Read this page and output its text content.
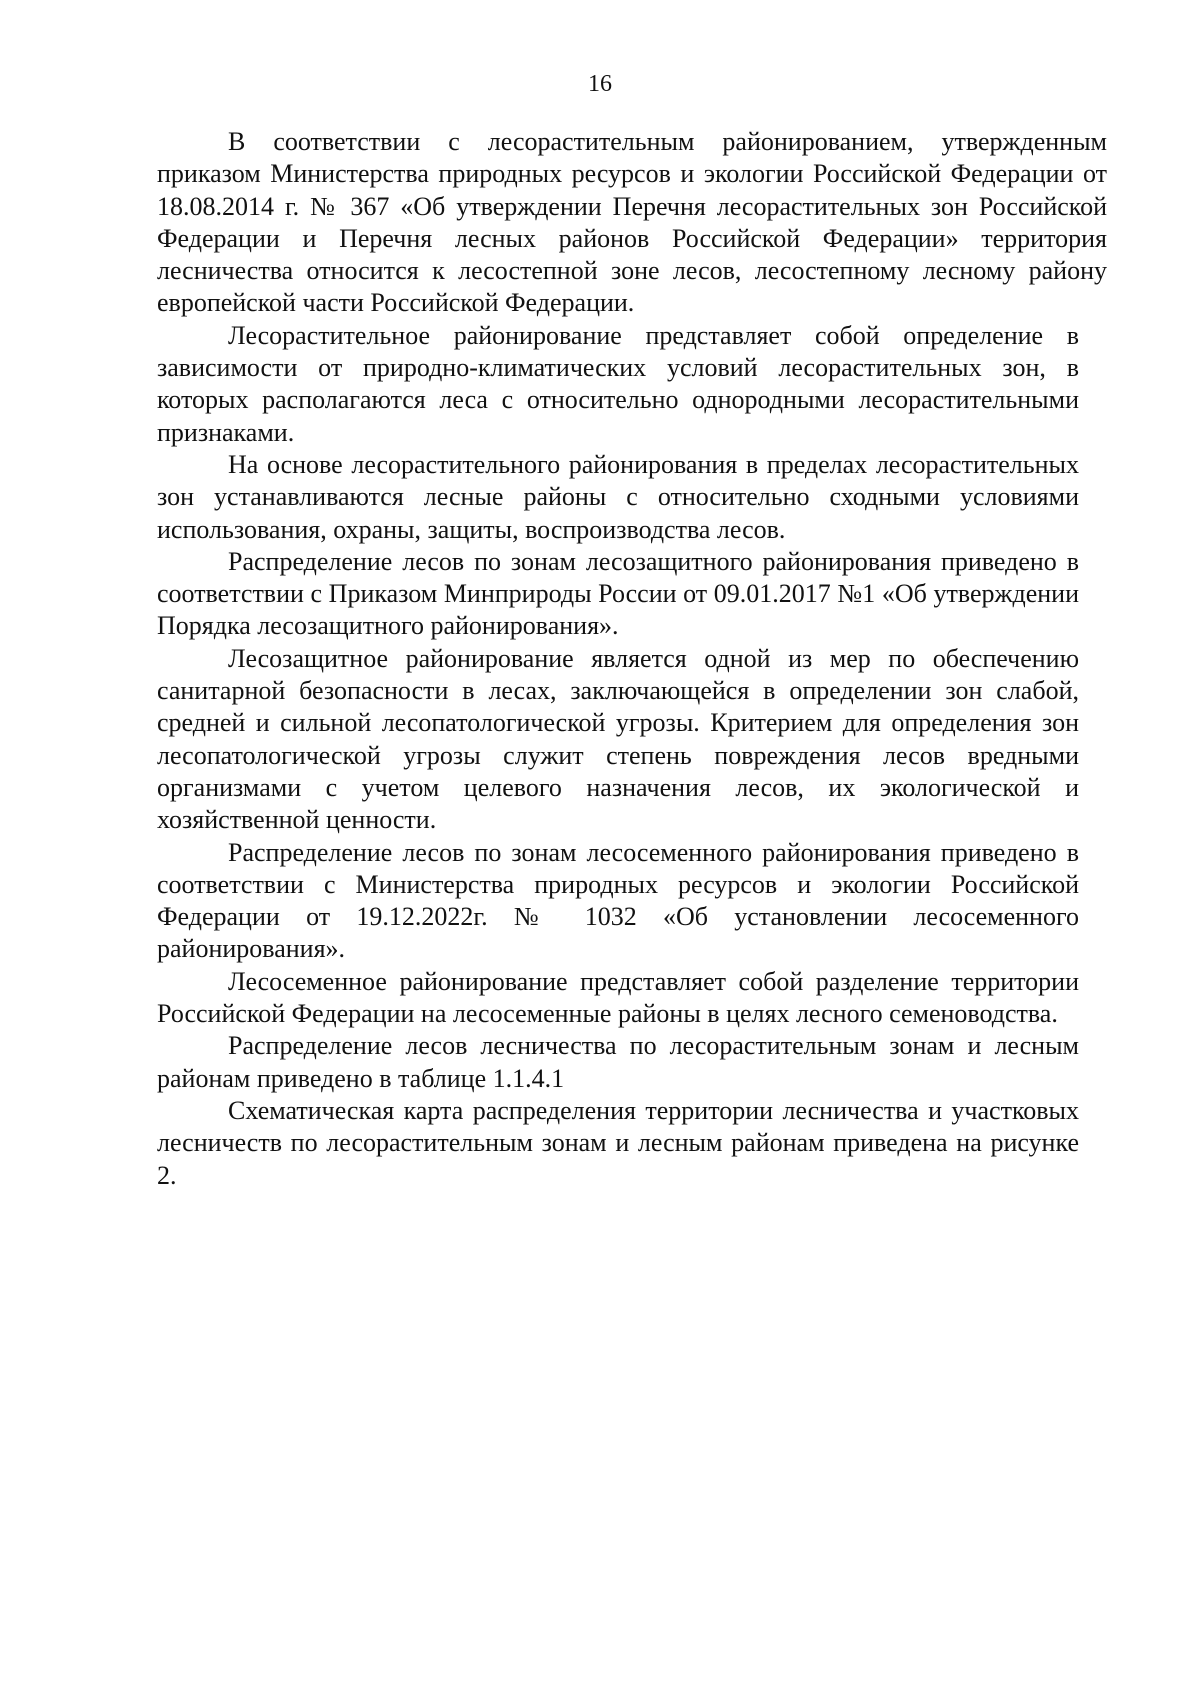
16

В соответствии с лесорастительным районированием, утвержденным приказом Министерства природных ресурсов и экологии Российской Федерации от 18.08.2014 г. № 367 «Об утверждении Перечня лесорастительных зон Российской Федерации и Перечня лесных районов Российской Федерации» территория лесничества относится к лесостепной зоне лесов, лесостепному лесному району европейской части Российской Федерации.

Лесорастительное районирование представляет собой определение в зависимости от природно-климатических условий лесорастительных зон, в которых располагаются леса с относительно однородными лесорастительными признаками.

На основе лесорастительного районирования в пределах лесорастительных зон устанавливаются лесные районы с относительно сходными условиями использования, охраны, защиты, воспроизводства лесов.

Распределение лесов по зонам лесозащитного районирования приведено в соответствии с Приказом Минприроды России от 09.01.2017 №1 «Об утверждении Порядка лесозащитного районирования».

Лесозащитное районирование является одной из мер по обеспечению санитарной безопасности в лесах, заключающейся в определении зон слабой, средней и сильной лесопатологической угрозы. Критерием для определения зон лесопатологической угрозы служит степень повреждения лесов вредными организмами с учетом целевого назначения лесов, их экологической и хозяйственной ценности.

Распределение лесов по зонам лесосеменного районирования приведено в соответствии с Министерства природных ресурсов и экологии Российской Федерации от 19.12.2022г. № 1032 «Об установлении лесосеменного районирования».

Лесосеменное районирование представляет собой разделение территории Российской Федерации на лесосеменные районы в целях лесного семеноводства.

Распределение лесов лесничества по лесорастительным зонам и лесным районам приведено в таблице 1.1.4.1

Схематическая карта распределения территории лесничества и участковых лесничеств по лесорастительным зонам и лесным районам приведена на рисунке 2.
